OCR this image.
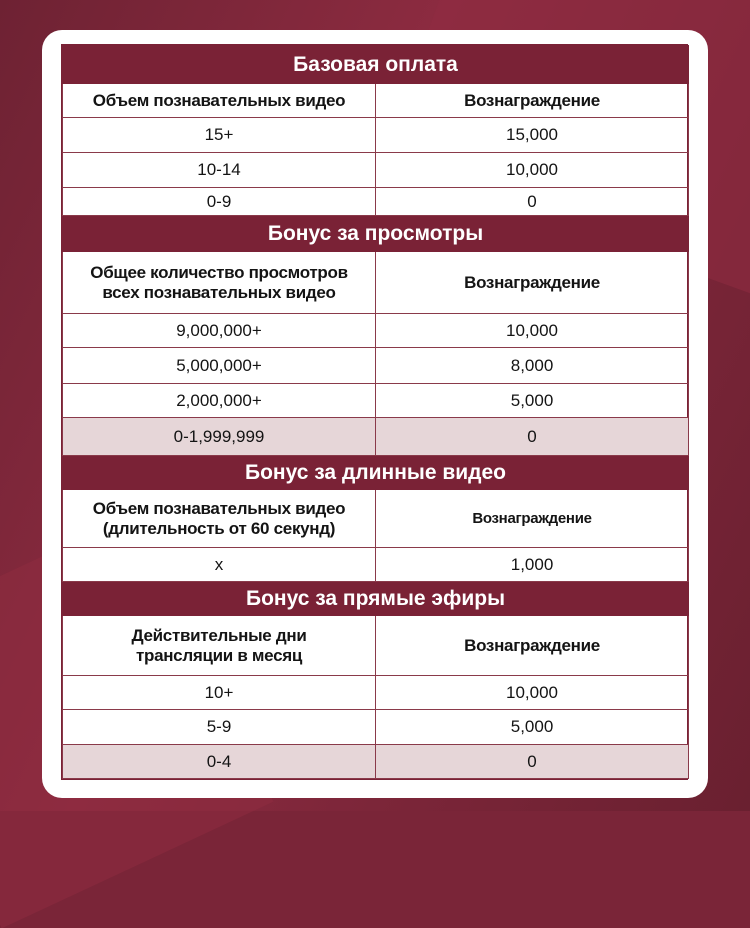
Базовая оплата	
Объем познавательных видео	Вознаграждение
15+	15,000
10-14	10,000
0-9	0
Бонус за просмотры	
Общее количество просмотров
всех познавательных видео	Вознаграждение
9,000,000+	10,000
5,000,000+	8,000
2,000,000+	5,000
0-1,999,999	0
Бонус за длинные видео	
Объем познавательных видео
(длительность от 60 секунд)	Вознаграждение
x	1,000
Бонус за прямые эфиры	
Действительные дни
трансляции в месяц	Вознаграждение
10+	10,000
5-9	5,000
0-4	0
